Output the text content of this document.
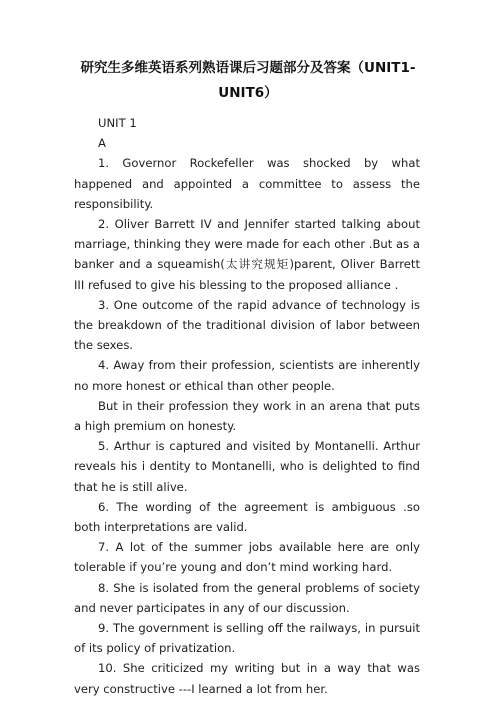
研究生多维英语系列熟语课后习题部分及答案（UNIT1-
UNIT6）

UNIT 1

A

1. Governor Rockefeller was shocked by what happened and appointed a committee to assess the responsibility.

2. Oliver Barrett IV and Jennifer started talking about marriage, thinking they were made for each other .But as a banker and a squeamish(太讲究规矩)parent, Oliver Barrett III refused to give his blessing to the proposed alliance .

3. One outcome of the rapid advance of technology is the breakdown of the traditional division of labor between the sexes.

4. Away from their profession, scientists are inherently no more honest or ethical than other people.

But in their profession they work in an arena that puts a high premium on honesty.

5. Arthur is captured and visited by Montanelli. Arthur reveals his i dentity to Montanelli, who is delighted to find that he is still alive.

6. The wording of the agreement is ambiguous .so both interpretations are valid.

7. A lot of the summer jobs available here are only tolerable if you’re young and don’t mind working hard.

8. She is isolated from the general problems of society and never participates in any of our discussion.

9. The government is selling off the railways, in pursuit of its policy of privatization.

10. She criticized my writing but in a way that was very constructive ---I learned a lot from her.
